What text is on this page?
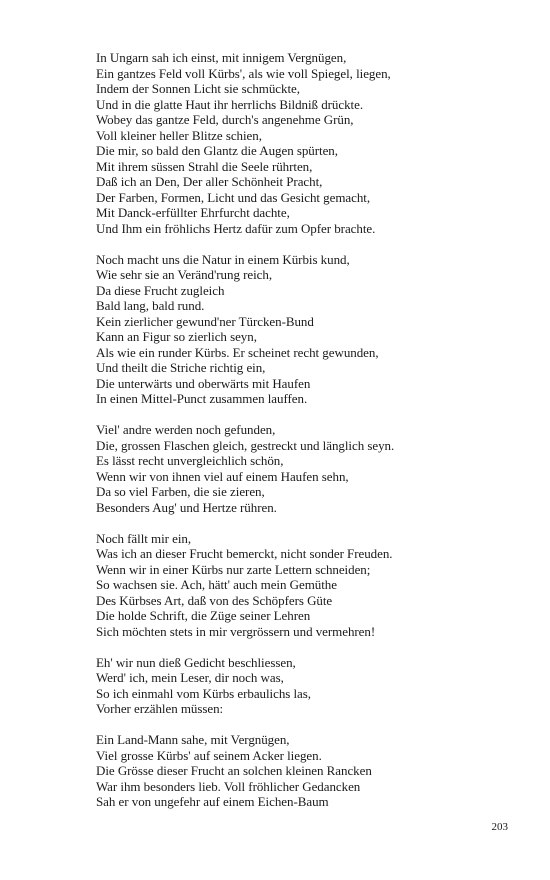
In Ungarn sah ich einst, mit innigem Vergnügen,
Ein gantzes Feld voll Kürbs', als wie voll Spiegel, liegen,
Indem der Sonnen Licht sie schmückte,
Und in die glatte Haut ihr herrlichs Bildniß drückte.
Wobey das gantze Feld, durch's angenehme Grün,
Voll kleiner heller Blitze schien,
Die mir, so bald den Glantz die Augen spürten,
Mit ihrem süssen Strahl die Seele rührten,
Daß ich an Den, Der aller Schönheit Pracht,
Der Farben, Formen, Licht und das Gesicht gemacht,
Mit Danck-erfüllter Ehrfurcht dachte,
Und Ihm ein fröhlichs Hertz dafür zum Opfer brachte.
Noch macht uns die Natur in einem Kürbis kund,
Wie sehr sie an Veränd'rung reich,
Da diese Frucht zugleich
Bald lang, bald rund.
Kein zierlicher gewund'ner Türcken-Bund
Kann an Figur so zierlich seyn,
Als wie ein runder Kürbs. Er scheinet recht gewunden,
Und theilt die Striche richtig ein,
Die unterwärts und oberwärts mit Haufen
In einen Mittel-Punct zusammen lauffen.
Viel' andre werden noch gefunden,
Die, grossen Flaschen gleich, gestreckt und länglich seyn.
Es lässt recht unvergleichlich schön,
Wenn wir von ihnen viel auf einem Haufen sehn,
Da so viel Farben, die sie zieren,
Besonders Aug' und Hertze rühren.
Noch fällt mir ein,
Was ich an dieser Frucht bemerckt, nicht sonder Freuden.
Wenn wir in einer Kürbs nur zarte Lettern schneiden;
So wachsen sie. Ach, hätt' auch mein Gemüthe
Des Kürbses Art, daß von des Schöpfers Güte
Die holde Schrift, die Züge seiner Lehren
Sich möchten stets in mir vergrössern und vermehren!
Eh' wir nun dieß Gedicht beschliessen,
Werd' ich, mein Leser, dir noch was,
So ich einmahl vom Kürbs erbaulichs las,
Vorher erzählen müssen:
Ein Land-Mann sahe, mit Vergnügen,
Viel grosse Kürbs' auf seinem Acker liegen.
Die Grösse dieser Frucht an solchen kleinen Rancken
War ihm besonders lieb. Voll fröhlicher Gedancken
Sah er von ungefehr auf einem Eichen-Baum
203
